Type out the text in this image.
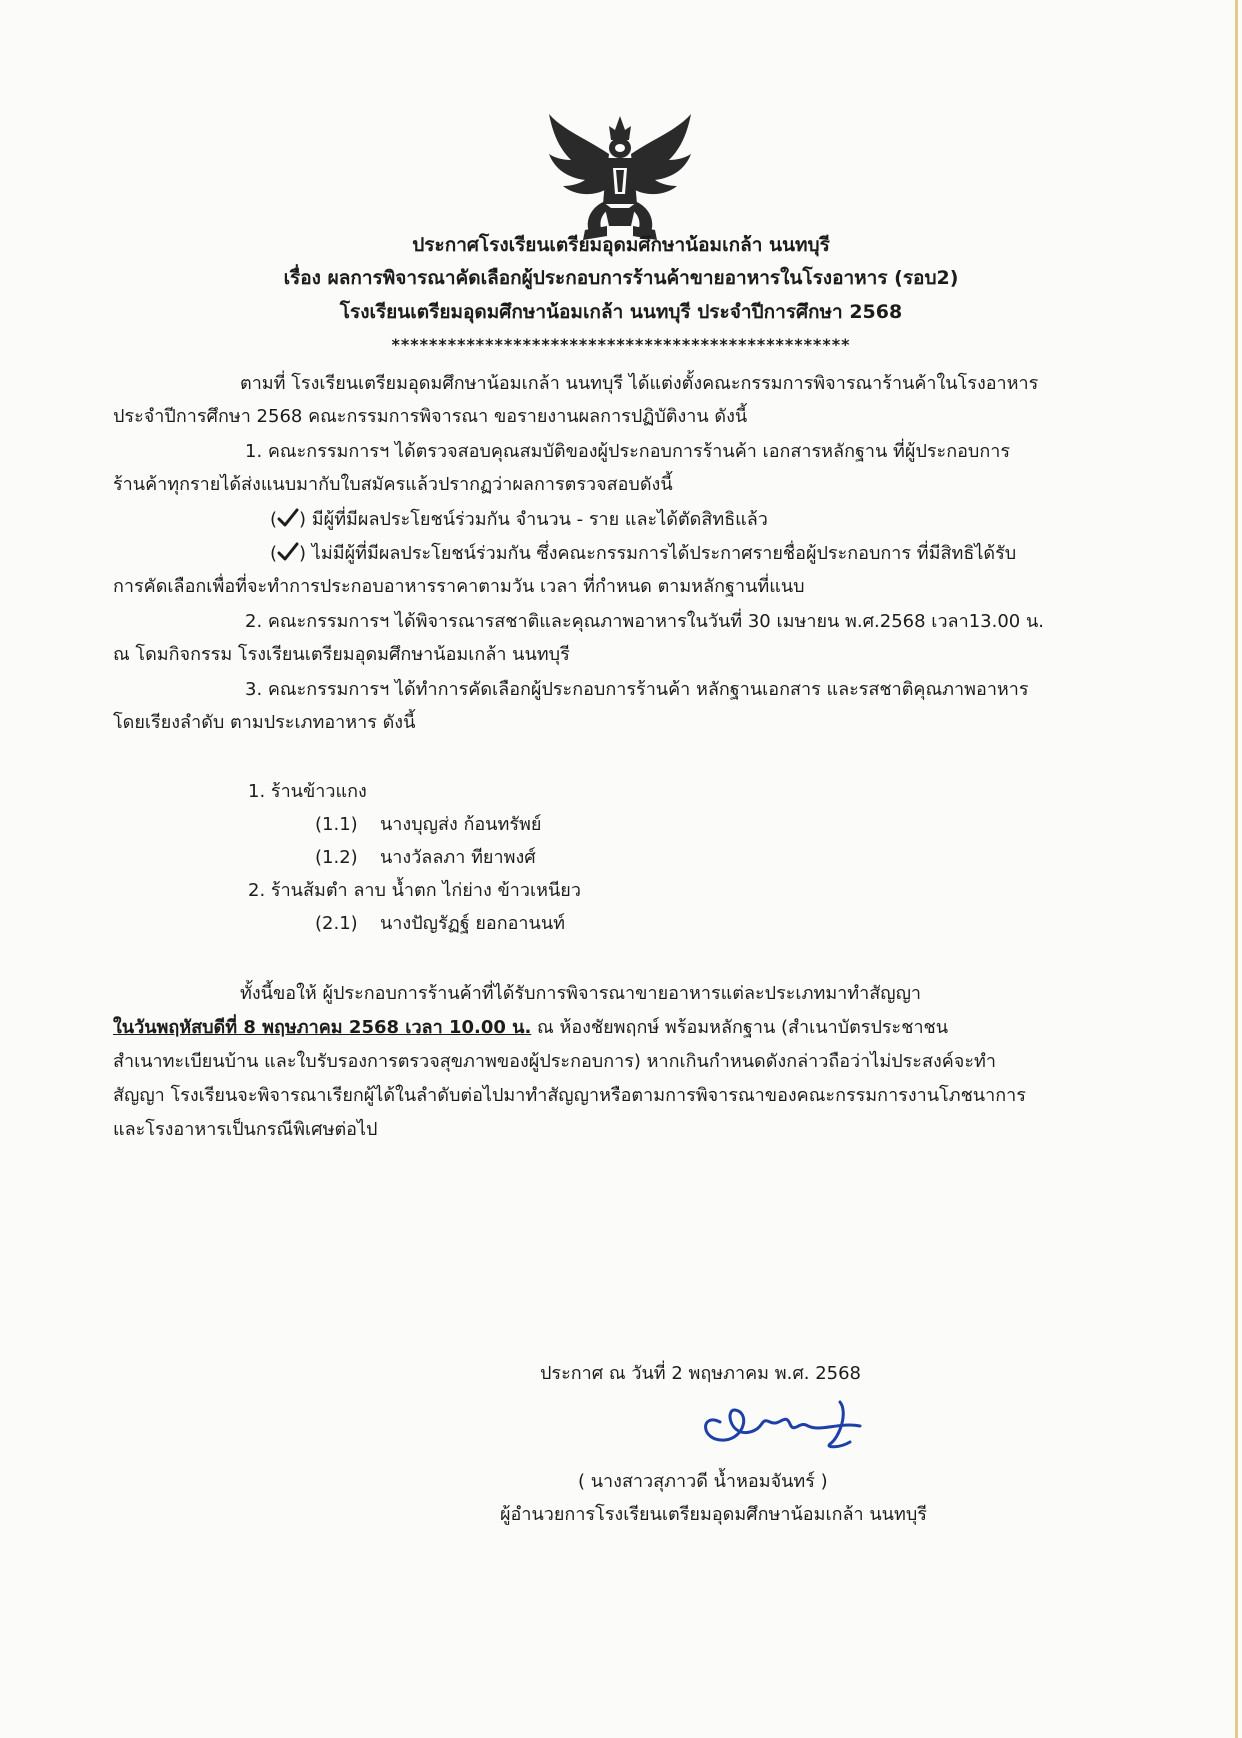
ประกาศโรงเรียนเตรียมอุดมศึกษาน้อมเกล้า นนทบุรี
เรื่อง ผลการพิจารณาคัดเลือกผู้ประกอบการร้านค้าขายอาหารในโรงอาหาร (รอบ2)
โรงเรียนเตรียมอุดมศึกษาน้อมเกล้า นนทบุรี ประจำปีการศึกษา 2568
*************************************************
ตามที่ โรงเรียนเตรียมอุดมศึกษาน้อมเกล้า นนทบุรี ได้แต่งตั้งคณะกรรมการพิจารณาร้านค้าในโรงอาหาร
ประจำปีการศึกษา 2568 คณะกรรมการพิจารณา ขอรายงานผลการปฏิบัติงาน ดังนี้
1. คณะกรรมการฯ ได้ตรวจสอบคุณสมบัติของผู้ประกอบการร้านค้า เอกสารหลักฐาน ที่ผู้ประกอบการ
ร้านค้าทุกรายได้ส่งแนบมากับใบสมัครแล้วปรากฏว่าผลการตรวจสอบดังนี้
( ) มีผู้ที่มีผลประโยชน์ร่วมกัน จำนวน - ราย และได้ตัดสิทธิแล้ว
( ) ไม่มีผู้ที่มีผลประโยชน์ร่วมกัน ซึ่งคณะกรรมการได้ประกาศรายชื่อผู้ประกอบการ ที่มีสิทธิได้รับ
การคัดเลือกเพื่อที่จะทำการประกอบอาหารราคาตามวัน เวลา ที่กำหนด ตามหลักฐานที่แนบ
2. คณะกรรมการฯ ได้พิจารณารสชาติและคุณภาพอาหารในวันที่ 30 เมษายน พ.ศ.2568 เวลา13.00 น.
ณ โดมกิจกรรม โรงเรียนเตรียมอุดมศึกษาน้อมเกล้า นนทบุรี
3. คณะกรรมการฯ ได้ทำการคัดเลือกผู้ประกอบการร้านค้า หลักฐานเอกสาร และรสชาติคุณภาพอาหาร
โดยเรียงลำดับ ตามประเภทอาหาร ดังนี้
1. ร้านข้าวแกง
(1.1) นางบุญส่ง ก้อนทรัพย์
(1.2) นางวัลลภา ทียาพงศ์
2. ร้านส้มตำ ลาบ น้ำตก ไก่ย่าง ข้าวเหนียว
(2.1) นางปัญรัฏฐ์ ยอกอานนท์
ทั้งนี้ขอให้ ผู้ประกอบการร้านค้าที่ได้รับการพิจารณาขายอาหารแต่ละประเภทมาทำสัญญา
ในวันพฤหัสบดีที่ 8 พฤษภาคม 2568 เวลา 10.00 น. ณ ห้องชัยพฤกษ์ พร้อมหลักฐาน (สำเนาบัตรประชาชน
สำเนาทะเบียนบ้าน และใบรับรองการตรวจสุขภาพของผู้ประกอบการ) หากเกินกำหนดดังกล่าวถือว่าไม่ประสงค์จะทำ
สัญญา โรงเรียนจะพิจารณาเรียกผู้ได้ในลำดับต่อไปมาทำสัญญาหรือตามการพิจารณาของคณะกรรมการงานโภชนาการ
และโรงอาหารเป็นกรณีพิเศษต่อไป
ประกาศ ณ วันที่ 2 พฤษภาคม พ.ศ. 2568
( นางสาวสุภาวดี น้ำหอมจันทร์ )
ผู้อำนวยการโรงเรียนเตรียมอุดมศึกษาน้อมเกล้า นนทบุรี
